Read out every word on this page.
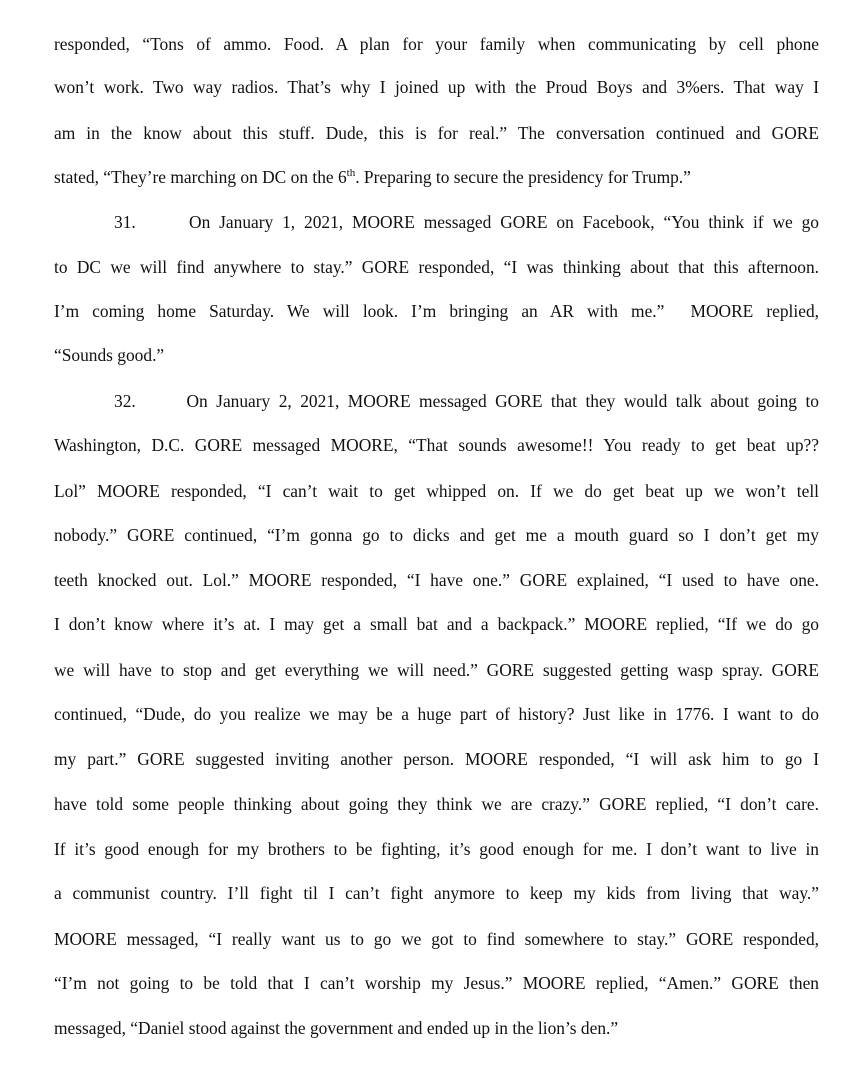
responded, “Tons of ammo. Food. A plan for your family when communicating by cell phone
won’t work. Two way radios. That’s why I joined up with the Proud Boys and 3%ers. That way I
am in the know about this stuff. Dude, this is for real.” The conversation continued and GORE
stated, “They’re marching on DC on the 6th. Preparing to secure the presidency for Trump.”
31.      On January 1, 2021, MOORE messaged GORE on Facebook, “You think if we go
to DC we will find anywhere to stay.” GORE responded, “I was thinking about that this afternoon.
I’m coming home Saturday. We will look. I’m bringing an AR with me.”  MOORE replied,
“Sounds good.”
32.      On January 2, 2021, MOORE messaged GORE that they would talk about going to
Washington, D.C. GORE messaged MOORE, “That sounds awesome!! You ready to get beat up??
Lol” MOORE responded, “I can’t wait to get whipped on. If we do get beat up we won’t tell
nobody.” GORE continued, “I’m gonna go to dicks and get me a mouth guard so I don’t get my
teeth knocked out. Lol.” MOORE responded, “I have one.” GORE explained, “I used to have one.
I don’t know where it’s at. I may get a small bat and a backpack.” MOORE replied, “If we do go
we will have to stop and get everything we will need.” GORE suggested getting wasp spray. GORE
continued, “Dude, do you realize we may be a huge part of history? Just like in 1776. I want to do
my part.” GORE suggested inviting another person. MOORE responded, “I will ask him to go I
have told some people thinking about going they think we are crazy.” GORE replied, “I don’t care.
If it’s good enough for my brothers to be fighting, it’s good enough for me. I don’t want to live in
a communist country. I’ll fight til I can’t fight anymore to keep my kids from living that way.”
MOORE messaged, “I really want us to go we got to find somewhere to stay.” GORE responded,
“I’m not going to be told that I can’t worship my Jesus.” MOORE replied, “Amen.” GORE then
messaged, “Daniel stood against the government and ended up in the lion’s den.”
